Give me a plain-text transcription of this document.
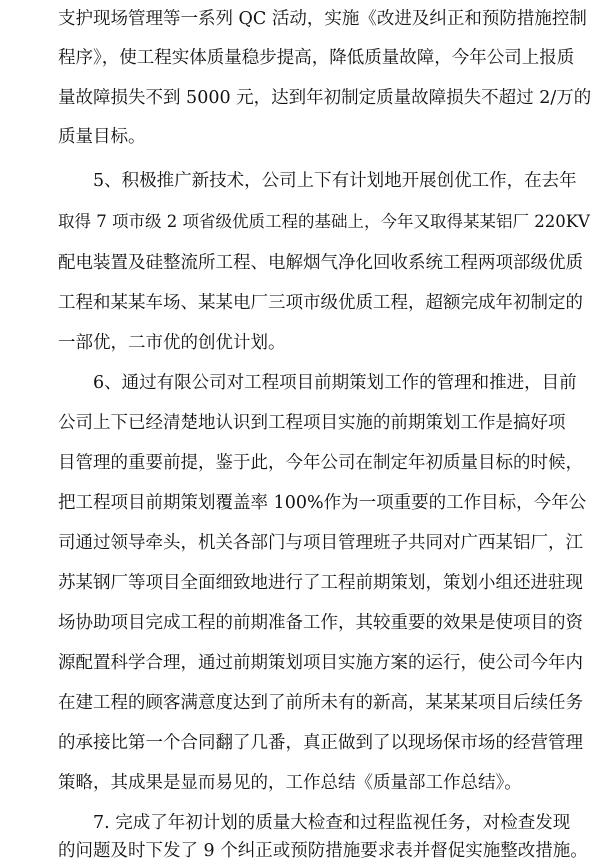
支护现场管理等一系列 QC 活动，实施《改进及纠正和预防措施控制
程序》，使工程实体质量稳步提高，降低质量故障，今年公司上报质
量故障损失不到 5000 元，达到年初制定质量故障损失不超过 2/万的
质量目标。
5、积极推广新技术，公司上下有计划地开展创优工作，在去年
取得 7 项市级 2 项省级优质工程的基础上，今年又取得某某铝厂 220KV
配电装置及硅整流所工程、电解烟气净化回收系统工程两项部级优质
工程和某某车场、某某电厂三项市级优质工程，超额完成年初制定的
一部优，二市优的创优计划。
6、通过有限公司对工程项目前期策划工作的管理和推进，目前
公司上下已经清楚地认识到工程项目实施的前期策划工作是搞好项
目管理的重要前提，鉴于此，今年公司在制定年初质量目标的时候，
把工程项目前期策划覆盖率 100%作为一项重要的工作目标，今年公
司通过领导牵头，机关各部门与项目管理班子共同对广西某铝厂，江
苏某钢厂等项目全面细致地进行了工程前期策划，策划小组还进驻现
场协助项目完成工程的前期准备工作，其较重要的效果是使项目的资
源配置科学合理，通过前期策划项目实施方案的运行，使公司今年内
在建工程的顾客满意度达到了前所未有的新高，某某某项目后续任务
的承接比第一个合同翻了几番，真正做到了以现场保市场的经营管理
策略，其成果是显而易见的，工作总结《质量部工作总结》。
7. 完成了年初计划的质量大检查和过程监视任务，对检查发现
的问题及时下发了 9 个纠正或预防措施要求表并督促实施整改措施。
